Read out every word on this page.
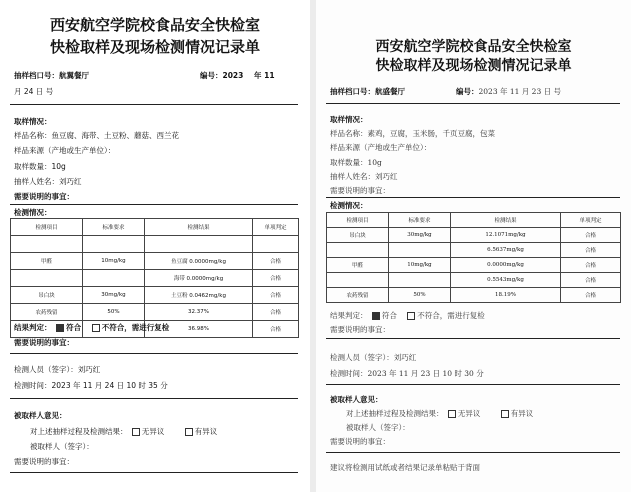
西安航空学院校食品安全快检室
快检取样及现场检测情况记录单
抽样档口号：航翼餐厅	编号：2023 年 11
月 24 日 号
取样情况：
样品名称：鱼豆腐、海带、土豆粉、蘑菇、西兰花
样品来源（产地或生产单位）：
取样数量：10g
抽样人姓名：刘巧红
需要说明的事宜：
检测情况：
检测项目	标准要求	检测结果	单项判定

甲醛	10mg/kg	鱼豆腐 0.0000mg/kg	合格
		海带 0.0000mg/kg	合格
吊白块	30mg/kg	土豆粉 0.0462mg/kg	合格
农药残留	50%	32.37%	合格
		36.98%	合格
结果判定： 符合	不符合，需进行复检
需要说明的事宜：
检测人员（签字）：刘巧红
检测时间：2023 年 11 月 24 日 10 时 35 分
被取样人意见：
对上述抽样过程及检测结果： 无异议	有异议
被取样人（签字）：
需要说明的事宜：
西安航空学院校食品安全快检室
快检取样及现场检测情况记录单
抽样档口号：航盛餐厅	编号：2023 年 11 月 23 日 号
取样情况：
样品名称：素鸡，豆腐，玉米肠，千页豆腐，包菜
样品来源（产地或生产单位）：
取样数量：10g
抽样人姓名：刘巧红
需要说明的事宜：
检测情况：
检测项目	标准要求	检测结果	单项判定
吊白块	30mg/kg	12.1071mg/kg	合格
		6.5637mg/kg	合格
甲醛	10mg/kg	0.0000mg/kg	合格
		0.5543mg/kg	合格
农药残留	50%	18.19%	合格
结果判定： 符合	不符合，需进行复检
需要说明的事宜：
检测人员（签字）：刘巧红
检测时间：2023 年 11 月 23 日 10 时 30 分
被取样人意见：
对上述抽样过程及检测结果： 无异议	有异议
被取样人（签字）：
需要说明的事宜：
建议将检测用试纸或者结果记录单粘贴于背面
